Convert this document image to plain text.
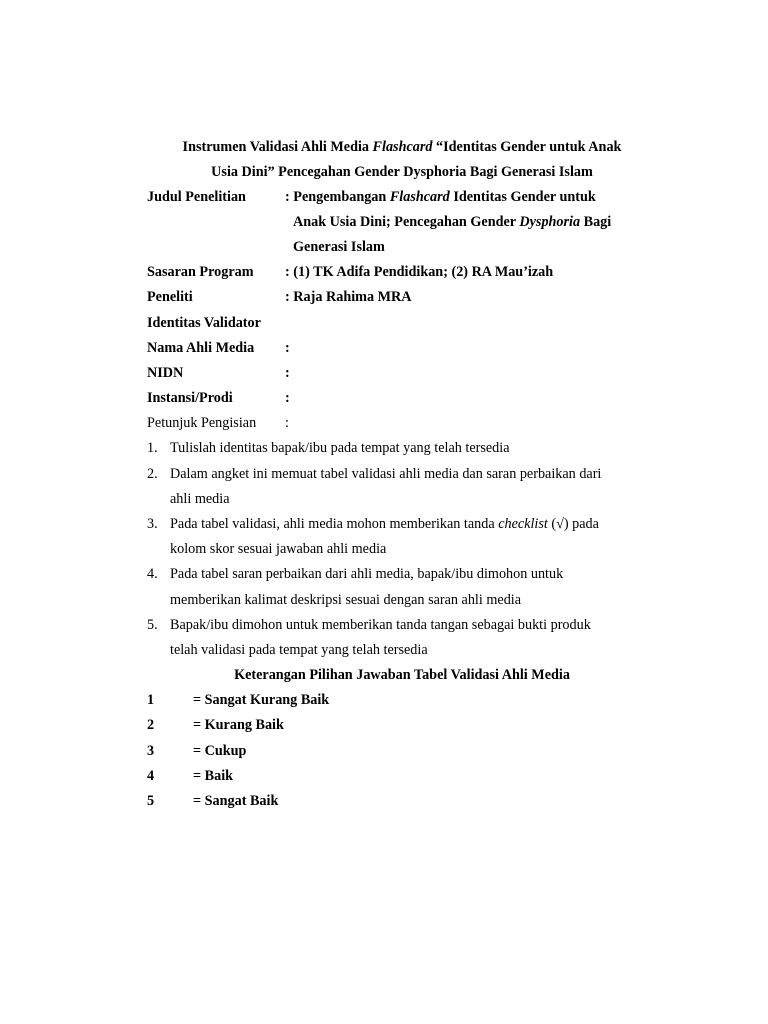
Instrumen Validasi Ahli Media Flashcard “Identitas Gender untuk Anak
Usia Dini” Pencegahan Gender Dysphoria Bagi Generasi Islam
Judul Penelitian	: Pengembangan Flashcard Identitas Gender untuk
Anak Usia Dini; Pencegahan Gender Dysphoria Bagi
Generasi Islam
Sasaran Program : (1) TK Adifa Pendidikan; (2) RA Mau’izah
Peneliti	: Raja Rahima MRA
Identitas Validator
Nama Ahli Media :
NIDN	:
Instansi/Prodi	:
Petunjuk Pengisian :
1. Tulislah identitas bapak/ibu pada tempat yang telah tersedia
2. Dalam angket ini memuat tabel validasi ahli media dan saran perbaikan dari
ahli media
3. Pada tabel validasi, ahli media mohon memberikan tanda checklist (√) pada
kolom skor sesuai jawaban ahli media
4. Pada tabel saran perbaikan dari ahli media, bapak/ibu dimohon untuk
memberikan kalimat deskripsi sesuai dengan saran ahli media
5. Bapak/ibu dimohon untuk memberikan tanda tangan sebagai bukti produk
telah validasi pada tempat yang telah tersedia
Keterangan Pilihan Jawaban Tabel Validasi Ahli Media
1	= Sangat Kurang Baik
2	= Kurang Baik
3	= Cukup
4	= Baik
5	= Sangat Baik
